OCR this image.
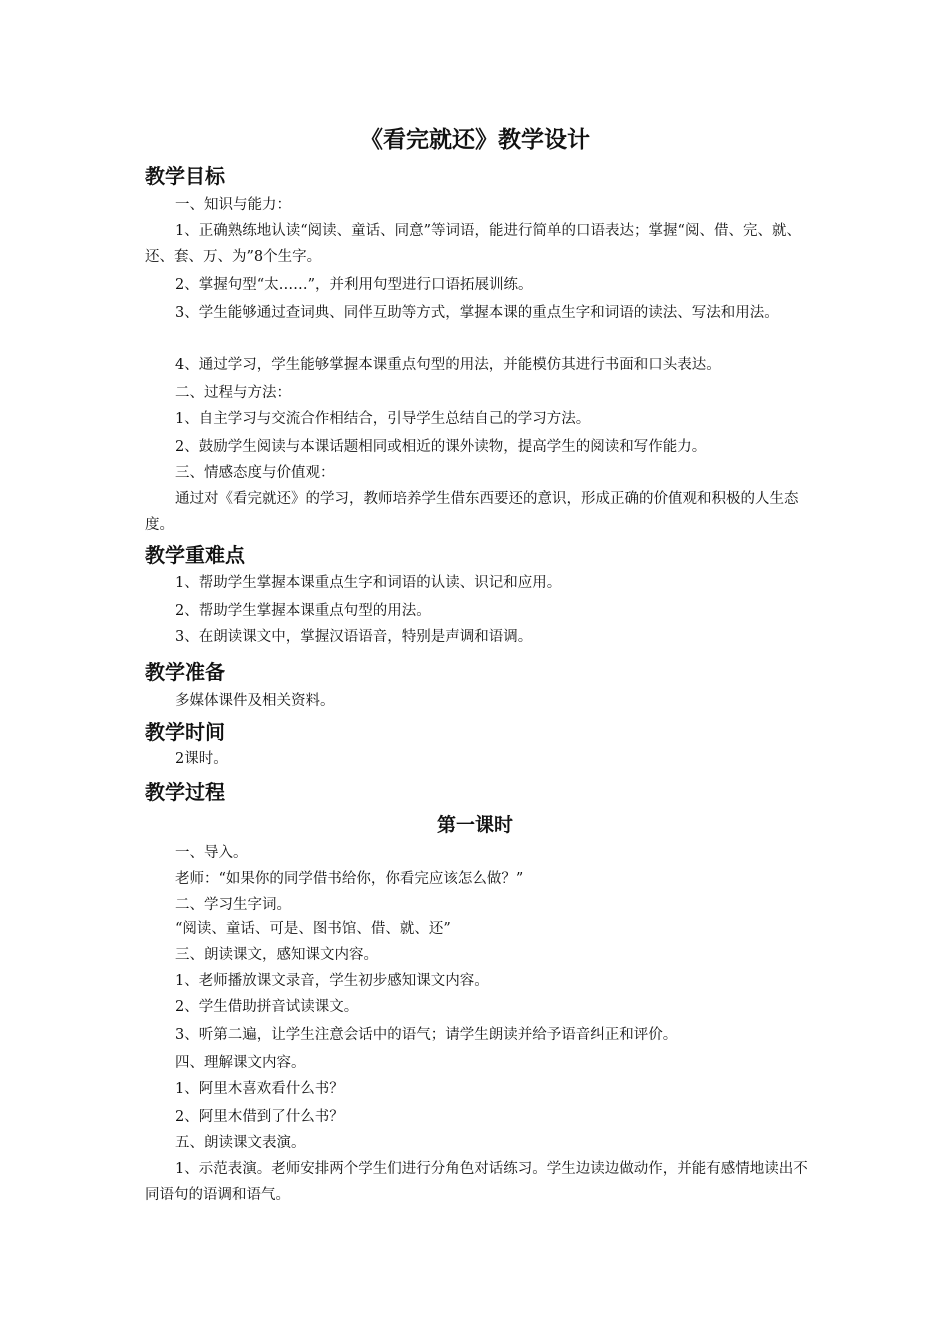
《看完就还》教学设计
教学目标
一、知识与能力：
1、正确熟练地认读“阅读、童话、同意”等词语，能进行简单的口语表达；掌握“阅、借、完、就、还、套、万、为”8个生字。
2、掌握句型“太……”，并利用句型进行口语拓展训练。
3、学生能够通过查词典、同伴互助等方式，掌握本课的重点生字和词语的读法、写法和用法。
4、通过学习，学生能够掌握本课重点句型的用法，并能模仿其进行书面和口头表达。
二、过程与方法：
1、自主学习与交流合作相结合，引导学生总结自己的学习方法。
2、鼓励学生阅读与本课话题相同或相近的课外读物，提高学生的阅读和写作能力。
三、情感态度与价值观：
通过对《看完就还》的学习，教师培养学生借东西要还的意识，形成正确的价值观和积极的人生态度。
教学重难点
1、帮助学生掌握本课重点生字和词语的认读、识记和应用。
2、帮助学生掌握本课重点句型的用法。
3、在朗读课文中，掌握汉语语音，特别是声调和语调。
教学准备
多媒体课件及相关资料。
教学时间
2课时。
教学过程
第一课时
一、导入。
老师：“如果你的同学借书给你，你看完应该怎么做？”
二、学习生字词。
“阅读、童话、可是、图书馆、借、就、还”
三、朗读课文，感知课文内容。
1、老师播放课文录音，学生初步感知课文内容。
2、学生借助拼音试读课文。
3、听第二遍，让学生注意会话中的语气；请学生朗读并给予语音纠正和评价。
四、理解课文内容。
1、阿里木喜欢看什么书？
2、阿里木借到了什么书？
五、朗读课文表演。
1、示范表演。老师安排两个学生们进行分角色对话练习。学生边读边做动作，并能有感情地读出不同语句的语调和语气。
